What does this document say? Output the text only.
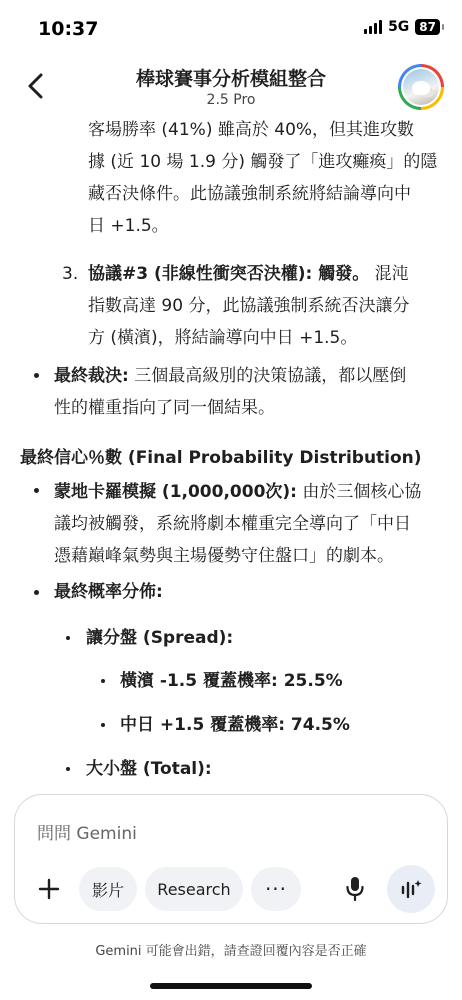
10:37	5G 87
棒球賽事分析模組整合
2.5 Pro
客場勝率 (41%) 雖高於 40%，但其進攻數
據 (近 10 場 1.9 分) 觸發了「進攻癱瘓」的隱
藏否決條件。此協議強制系統將結論導向中
日 +1.5。
3. 協議#3 (非線性衝突否決權): 觸發。 混沌
指數高達 90 分，此協議強制系統否決讓分
方 (橫濱)，將結論導向中日 +1.5。
最終裁決: 三個最高級別的決策協議，都以壓倒
性的權重指向了同一個結果。
最終信心％數 (Final Probability Distribution)
蒙地卡羅模擬 (1,000,000次): 由於三個核心協
議均被觸發，系統將劇本權重完全導向了「中日
憑藉巔峰氣勢與主場優勢守住盤口」的劇本。
最終概率分佈:
讓分盤 (Spread):
橫濱 -1.5 覆蓋機率: 25.5%
中日 +1.5 覆蓋機率: 74.5%
大小盤 (Total):
問問 Gemini
影片	Research	···
Gemini 可能會出錯，請查證回覆內容是否正確
